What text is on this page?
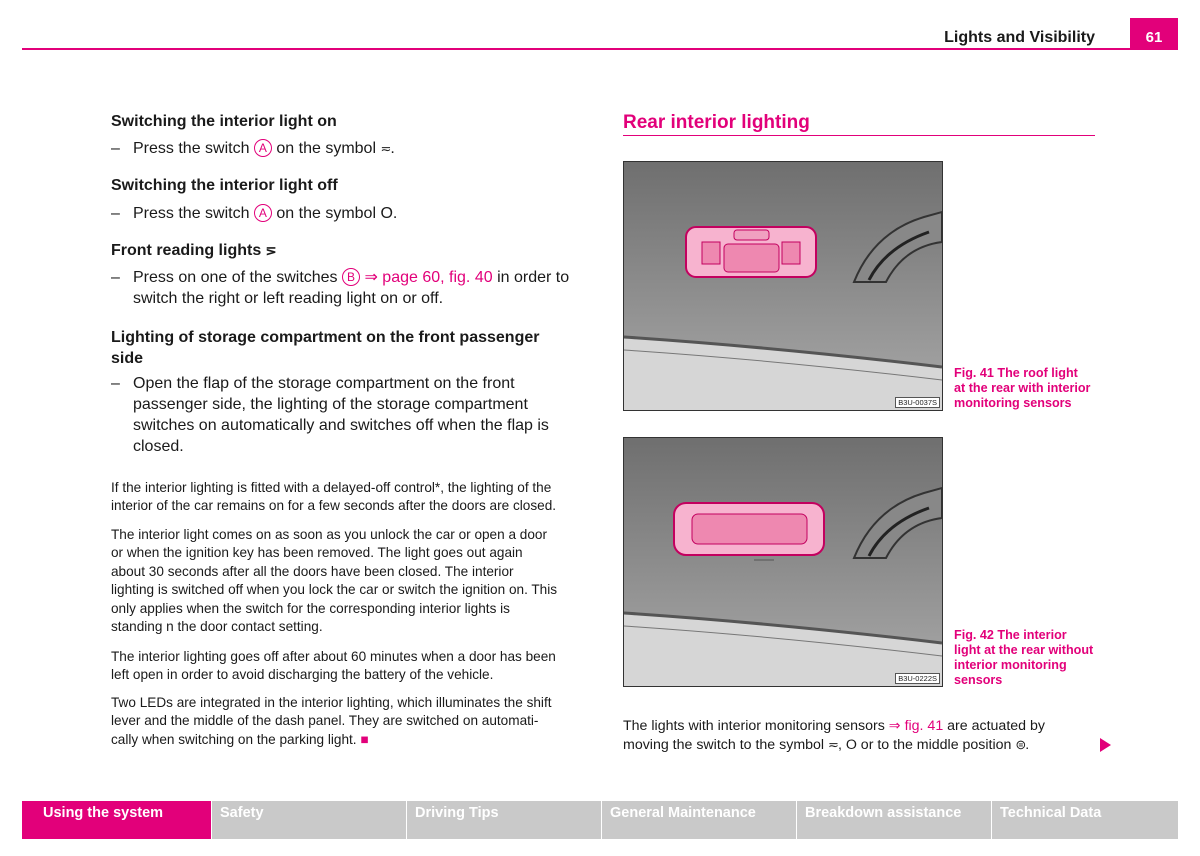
Lights and Visibility	61
Switching the interior light on
– Press the switch A on the symbol ≂.
Switching the interior light off
– Press the switch A on the symbol O.
Front reading lights ⋝
– Press on one of the switches B ⇒ page 60, fig. 40 in order to
switch the right or left reading light on or off.
Lighting of storage compartment on the front passenger
side
– Open the flap of the storage compartment on the front
passenger side, the lighting of the storage compartment
switches on automatically and switches off when the flap is
closed.
If the interior lighting is fitted with a delayed-off control*, the lighting of the
interior of the car remains on for a few seconds after the doors are closed.
The interior light comes on as soon as you unlock the car or open a door
or when the ignition key has been removed. The light goes out again
about 30 seconds after all the doors have been closed. The interior
lighting is switched off when you lock the car or switch the ignition on. This
only applies when the switch for the corresponding interior lights is
standing n the door contact setting.
The interior lighting goes off after about 60 minutes when a door has been
left open in order to avoid discharging the battery of the vehicle.
Two LEDs are integrated in the interior lighting, which illuminates the shift
lever and the middle of the dash panel. They are switched on automati-
cally when switching on the parking light. ■
Rear interior lighting
B3U-0037S
Fig. 41 The roof light
at the rear with interior
monitoring sensors
B3U-0222S
Fig. 42 The interior
light at the rear without
interior monitoring
sensors
The lights with interior monitoring sensors ⇒ fig. 41 are actuated by
moving the switch to the symbol ≂, O or to the middle position ⊜.
Using the system	Safety	Driving Tips	General Maintenance	Breakdown assistance	Technical Data
